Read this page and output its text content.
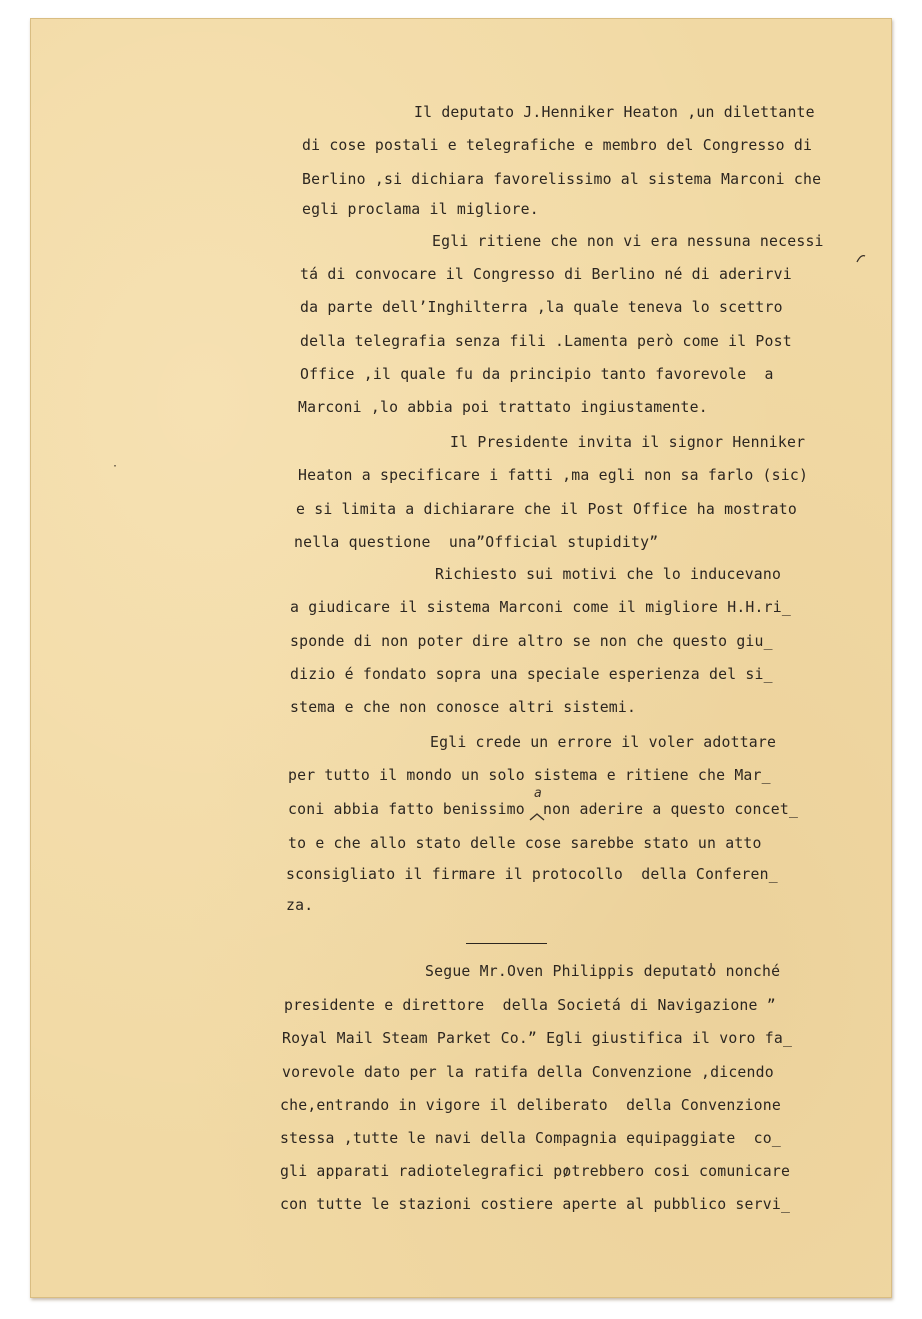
Il deputato J.Henniker Heaton ,un dilettante
di cose postali e telegrafiche e membro del Congresso di
Berlino ,si dichiara favorelissimo al sistema Marconi che
egli proclama il migliore.
Egli ritiene che non vi era nessuna necessi
tá di convocare il Congresso di Berlino né di aderirvi
da parte dell’Inghilterra ,la quale teneva lo scettro
della telegrafia senza fili .Lamenta però come il Post
Office ,il quale fu da principio tanto favorevole  a
Marconi ,lo abbia poi trattato ingiustamente.
Il Presidente invita il signor Henniker
Heaton a specificare i fatti ,ma egli non sa farlo (sic)
e si limita a dichiarare che il Post Office ha mostrato
nella questione  una”Official stupidity”
Richiesto sui motivi che lo inducevano
a giudicare il sistema Marconi come il migliore H.H.ri_
sponde di non poter dire altro se non che questo giu_
dizio é fondato sopra una speciale esperienza del si_
stema e che non conosce altri sistemi.
Egli crede un errore il voler adottare
per tutto il mondo un solo sistema e ritiene che Mar_
coni abbia fatto benissimo  non aderire a questo concet_
to e che allo stato delle cose sarebbe stato un atto
sconsigliato il firmare il protocollo  della Conferen_
za.
Segue Mr.Oven Philippis deputato nonché
presidente e direttore  della Societá di Navigazione ”
Royal Mail Steam Parket Co.” Egli giustifica il voro fa_
vorevole dato per la ratifa della Convenzione ,dicendo
che,entrando in vigore il deliberato  della Convenzione
stessa ,tutte le navi della Compagnia equipaggiate  co_
gli apparati radiotelegrafici potrebbero cosi comunicare
con tutte le stazioni costiere aperte al pubblico servi_
a
·
